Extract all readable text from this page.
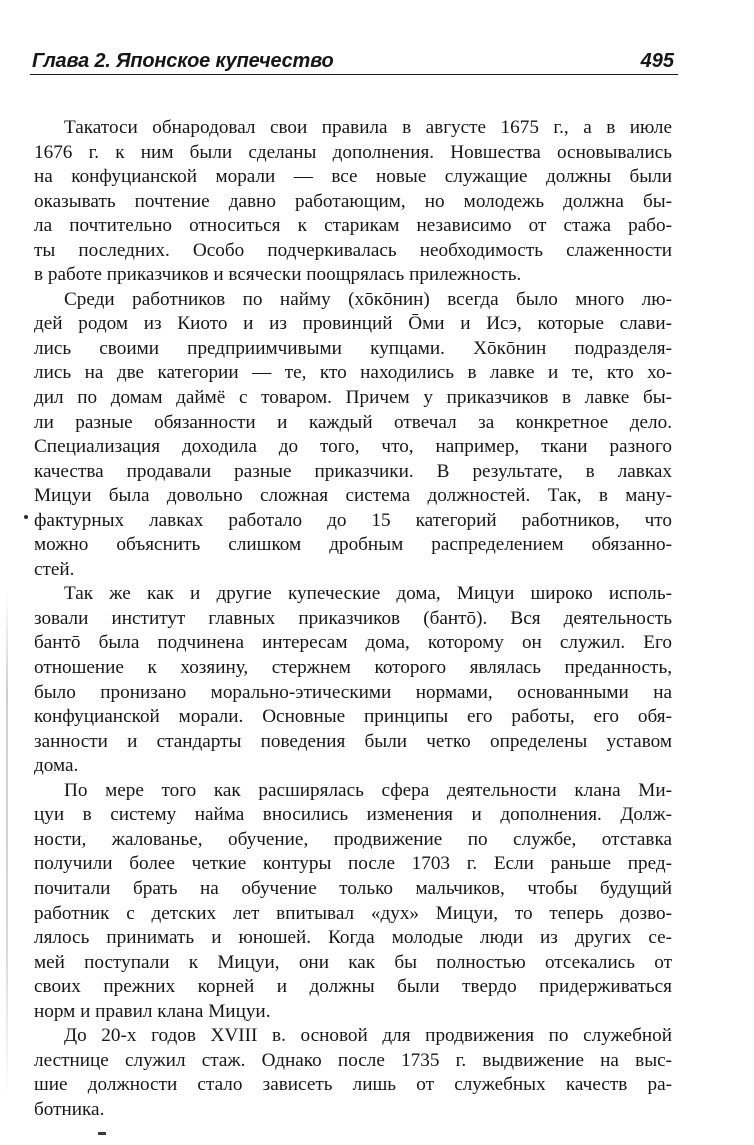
Глава 2. Японское купечество	495
Такатоси обнародовал свои правила в августе 1675 г., а в июле
1676 г. к ним были сделаны дополнения. Новшества основывались
на конфуцианской морали — все новые служащие должны были
оказывать почтение давно работающим, но молодежь должна бы-
ла почтительно относиться к старикам независимо от стажа рабо-
ты последних. Особо подчеркивалась необходимость слаженности
в работе приказчиков и всячески поощрялась прилежность.
Среди работников по найму (хōкōнин) всегда было много лю-
дей родом из Киото и из провинций Ōми и Исэ, которые слави-
лись своими предприимчивыми купцами. Хōкōнин подразделя-
лись на две категории — те, кто находились в лавке и те, кто хо-
дил по домам даймё с товаром. Причем у приказчиков в лавке бы-
ли разные обязанности и каждый отвечал за конкретное дело.
Специализация доходила до того, что, например, ткани разного
качества продавали разные приказчики. В результате, в лавках
Мицуи была довольно сложная система должностей. Так, в ману-
фактурных лавках работало до 15 категорий работников, что
можно объяснить слишком дробным распределением обязанно-
стей.
Так же как и другие купеческие дома, Мицуи широко исполь-
зовали институт главных приказчиков (бантō). Вся деятельность
бантō была подчинена интересам дома, которому он служил. Его
отношение к хозяину, стержнем которого являлась преданность,
было пронизано морально-этическими нормами, основанными на
конфуцианской морали. Основные принципы его работы, его обя-
занности и стандарты поведения были четко определены уставом
дома.
По мере того как расширялась сфера деятельности клана Ми-
цуи в систему найма вносились изменения и дополнения. Долж-
ности, жалованье, обучение, продвижение по службе, отставка
получили более четкие контуры после 1703 г. Если раньше пред-
почитали брать на обучение только мальчиков, чтобы будущий
работник с детских лет впитывал «дух» Мицуи, то теперь дозво-
лялось принимать и юношей. Когда молодые люди из других се-
мей поступали к Мицуи, они как бы полностью отсекались от
своих прежних корней и должны были твердо придерживаться
норм и правил клана Мицуи.
До 20-х годов XVIII в. основой для продвижения по служебной
лестнице служил стаж. Однако после 1735 г. выдвижение на выс-
шие должности стало зависеть лишь от служебных качеств ра-
ботника.
